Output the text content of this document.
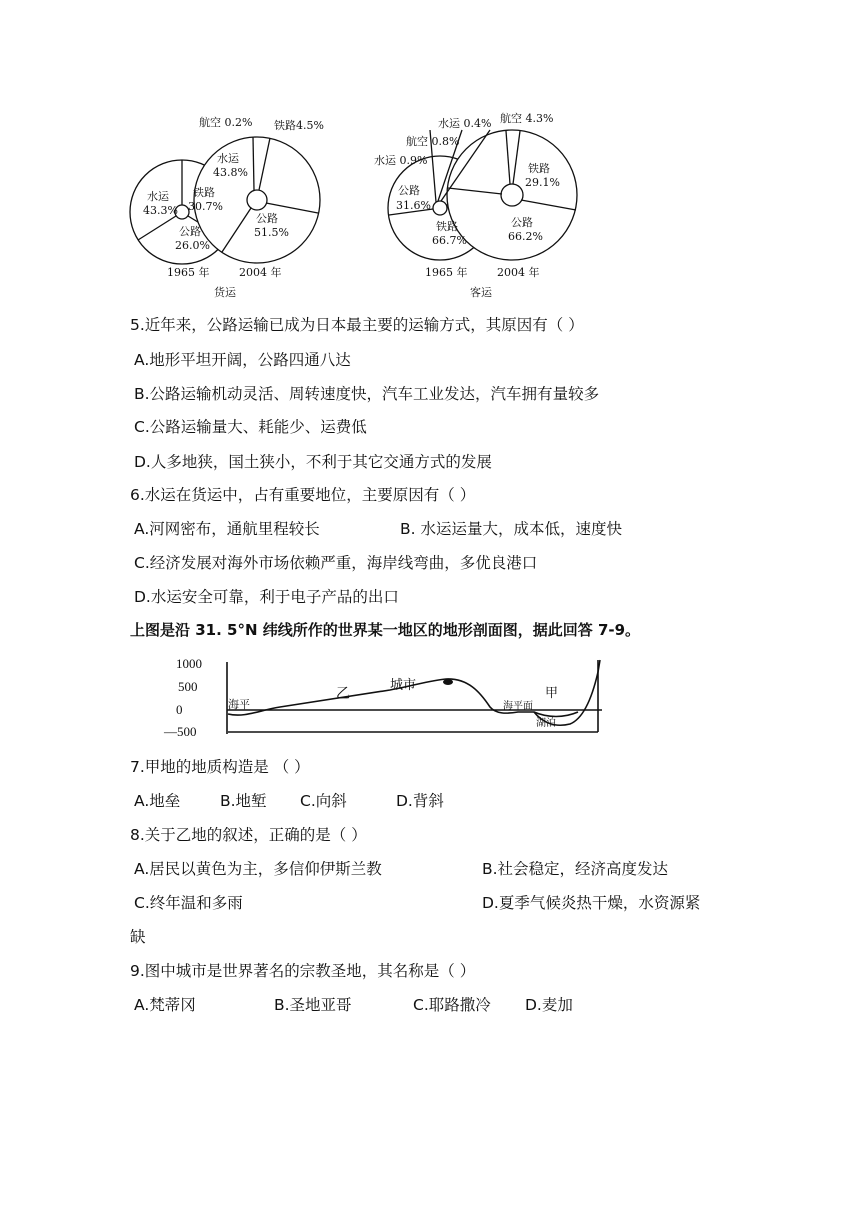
航空 0.2% 铁路4.5%
水运
43.8%
公路
51.5%
水运
43.3%
铁路
30.7%
公路
26.0%
1965 年	2004 年
货运
水运 0.4% 航空 4.3%
航空 0.8%
水运 0.9%
公路
31.6%
铁路
66.7%
铁路
29.1%
公路
66.2%
1965 年	2004 年
客运
5.近年来，公路运输已成为日本最主要的运输方式，其原因有（ ）
A.地形平坦开阔，公路四通八达
B.公路运输机动灵活、周转速度快，汽车工业发达，汽车拥有量较多
C.公路运输量大、耗能少、运费低
D.人多地狭，国土狭小，不利于其它交通方式的发展
6.水运在货运中，占有重要地位，主要原因有（ ）
A.河网密布，通航里程较长	B. 水运运量大，成本低，速度快
C.经济发展对海外市场依赖严重，海岸线弯曲，多优良港口
D.水运安全可靠，利于电子产品的出口
上图是沿 31. 5°N 纬线所作的世界某一地区的地形剖面图，据此回答 7-9。
1000
500
0
—500
海平
乙
城市
甲
海平面
湖泊
7.甲地的地质构造是 （ ）
A.地垒	B.地堑 C.向斜	D.背斜
8.关于乙地的叙述，正确的是（ ）
A.居民以黄色为主，多信仰伊斯兰教	B.社会稳定，经济高度发达
C.终年温和多雨	D.夏季气候炎热干燥，水资源紧
缺
9.图中城市是世界著名的宗教圣地，其名称是（ ）
A.梵蒂冈	B.圣地亚哥	C.耶路撒冷 D.麦加
